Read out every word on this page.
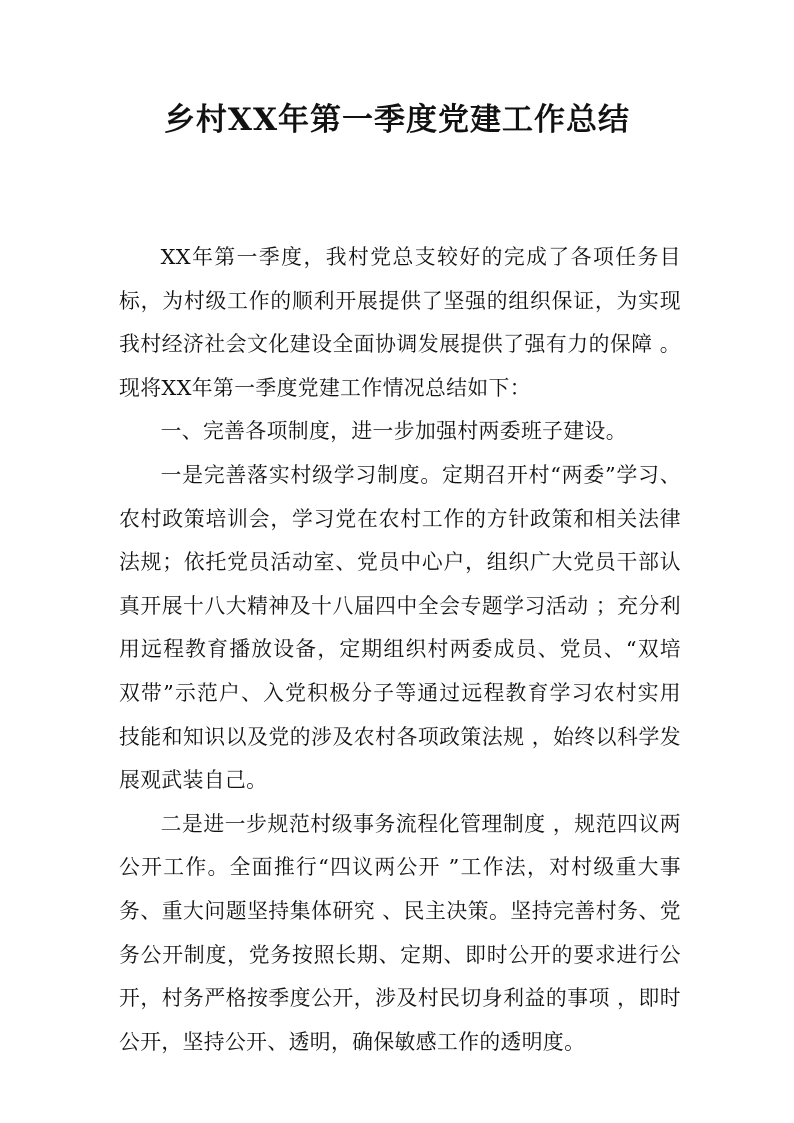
乡村XX年第一季度党建工作总结

XX年第一季度，我村党总支较好的完成了各项任务目标，为村级工作的顺利开展提供了坚强的组织保证，为实现我村经济社会文化建设全面协调发展提供了强有力的保障 。现将XX年第一季度党建工作情况总结如下：

一、完善各项制度，进一步加强村两委班子建设。

一是完善落实村级学习制度。定期召开村“两委”学习、农村政策培训会，学习党在农村工作的方针政策和相关法律法规；依托党员活动室、党员中心户，组织广大党员干部认真开展十八大精神及十八届四中全会专题学习活动 ；充分利用远程教育播放设备，定期组织村两委成员、党员、“双培双带”示范户、入党积极分子等通过远程教育学习农村实用技能和知识以及党的涉及农村各项政策法规 ，始终以科学发展观武装自己。

二是进一步规范村级事务流程化管理制度 ，规范四议两公开工作。全面推行“四议两公开 ”工作法，对村级重大事务、重大问题坚持集体研究 、民主决策。坚持完善村务、党务公开制度，党务按照长期、定期、即时公开的要求进行公开，村务严格按季度公开，涉及村民切身利益的事项 ，即时公开，坚持公开、透明，确保敏感工作的透明度。
